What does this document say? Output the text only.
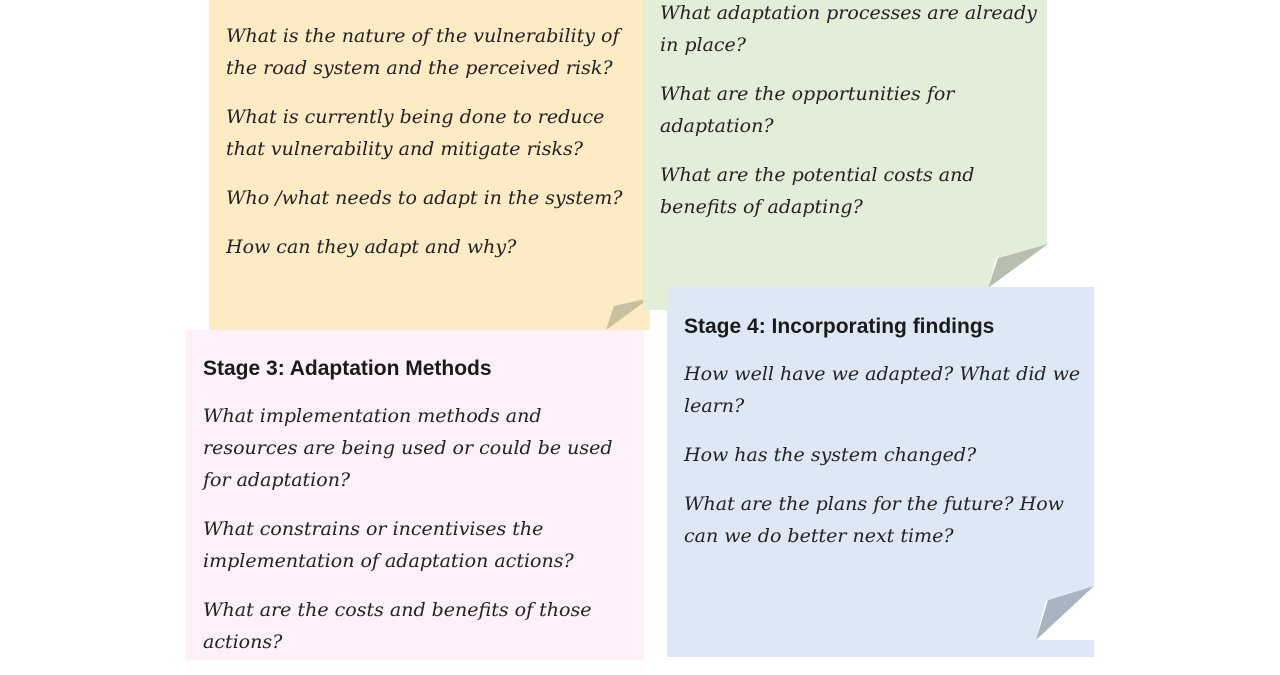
What is the nature of the vulnerability of the road system and the perceived risk?

What is currently being done to reduce that vulnerability and mitigate risks?

Who /what needs to adapt in the system?

How can they adapt and why?

What adaptation processes are already in place?

What are the opportunities for adaptation?

What are the potential costs and benefits of adapting?

Stage 3: Adaptation Methods

What implementation methods and resources are being used or could be used for adaptation?

What constrains or incentivises the implementation of adaptation actions?

What are the costs and benefits of those actions?

Stage 4: Incorporating findings

How well have we adapted? What did we learn?

How has the system changed?

What are the plans for the future? How can we do better next time?
